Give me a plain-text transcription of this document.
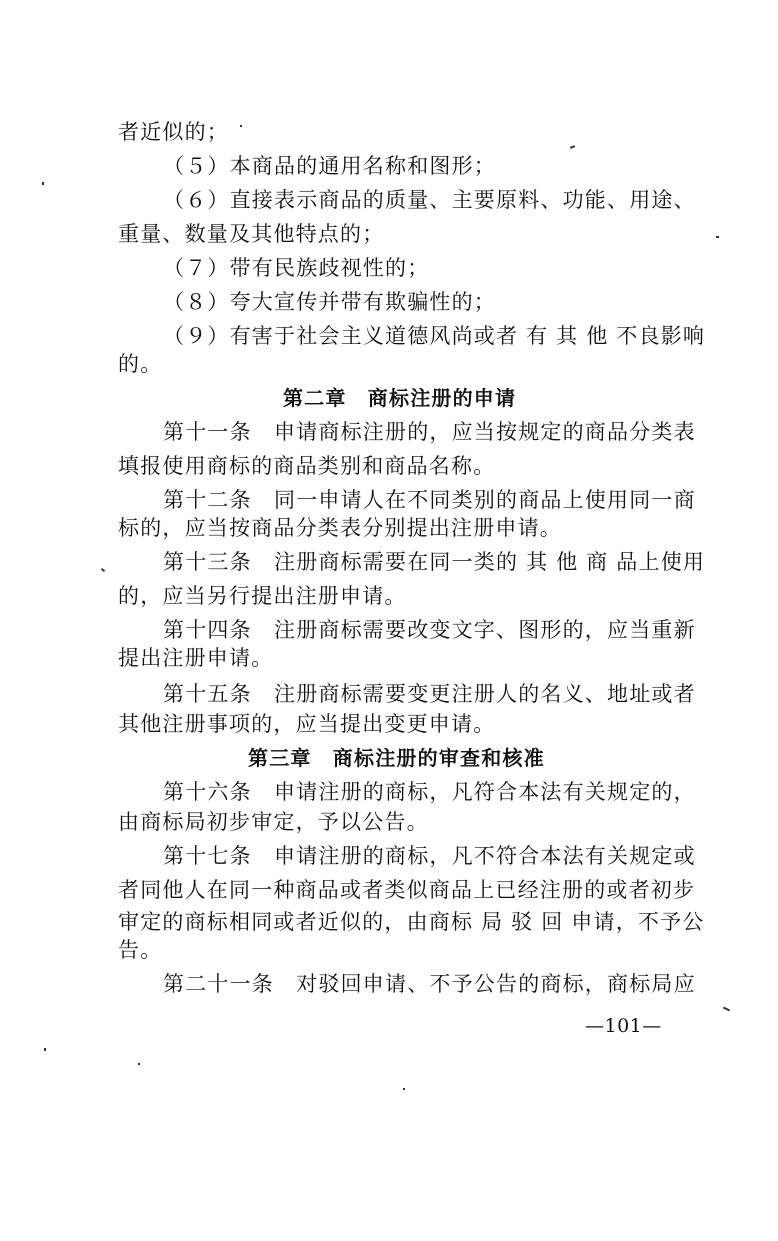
者近似的；
（５）本商品的通用名称和图形；
（６）直接表示商品的质量、主要原料、功能、用途、
重量、数量及其他特点的；
（７）带有民族歧视性的；
（８）夸大宣传并带有欺骗性的；
（９）有害于社会主义道德风尚或者 有 其 他 不良影响
的。
第二章　商标注册的申请
第十一条　申请商标注册的，应当按规定的商品分类表
填报使用商标的商品类别和商品名称。
第十二条　同一申请人在不同类别的商品上使用同一商
标的，应当按商品分类表分别提出注册申请。
第十三条　注册商标需要在同一类的 其 他 商 品上使用
的，应当另行提出注册申请。
第十四条　注册商标需要改变文字、图形的，应当重新
提出注册申请。
第十五条　注册商标需要变更注册人的名义、地址或者
其他注册事项的，应当提出变更申请。
第三章　商标注册的审查和核准
第十六条　申请注册的商标，凡符合本法有关规定的，
由商标局初步审定，予以公告。
第十七条　申请注册的商标，凡不符合本法有关规定或
者同他人在同一种商品或者类似商品上已经注册的或者初步
审定的商标相同或者近似的，由商标 局 驳 回 申请，不予公
告。
第二十一条　对驳回申请、不予公告的商标，商标局应
—101—
